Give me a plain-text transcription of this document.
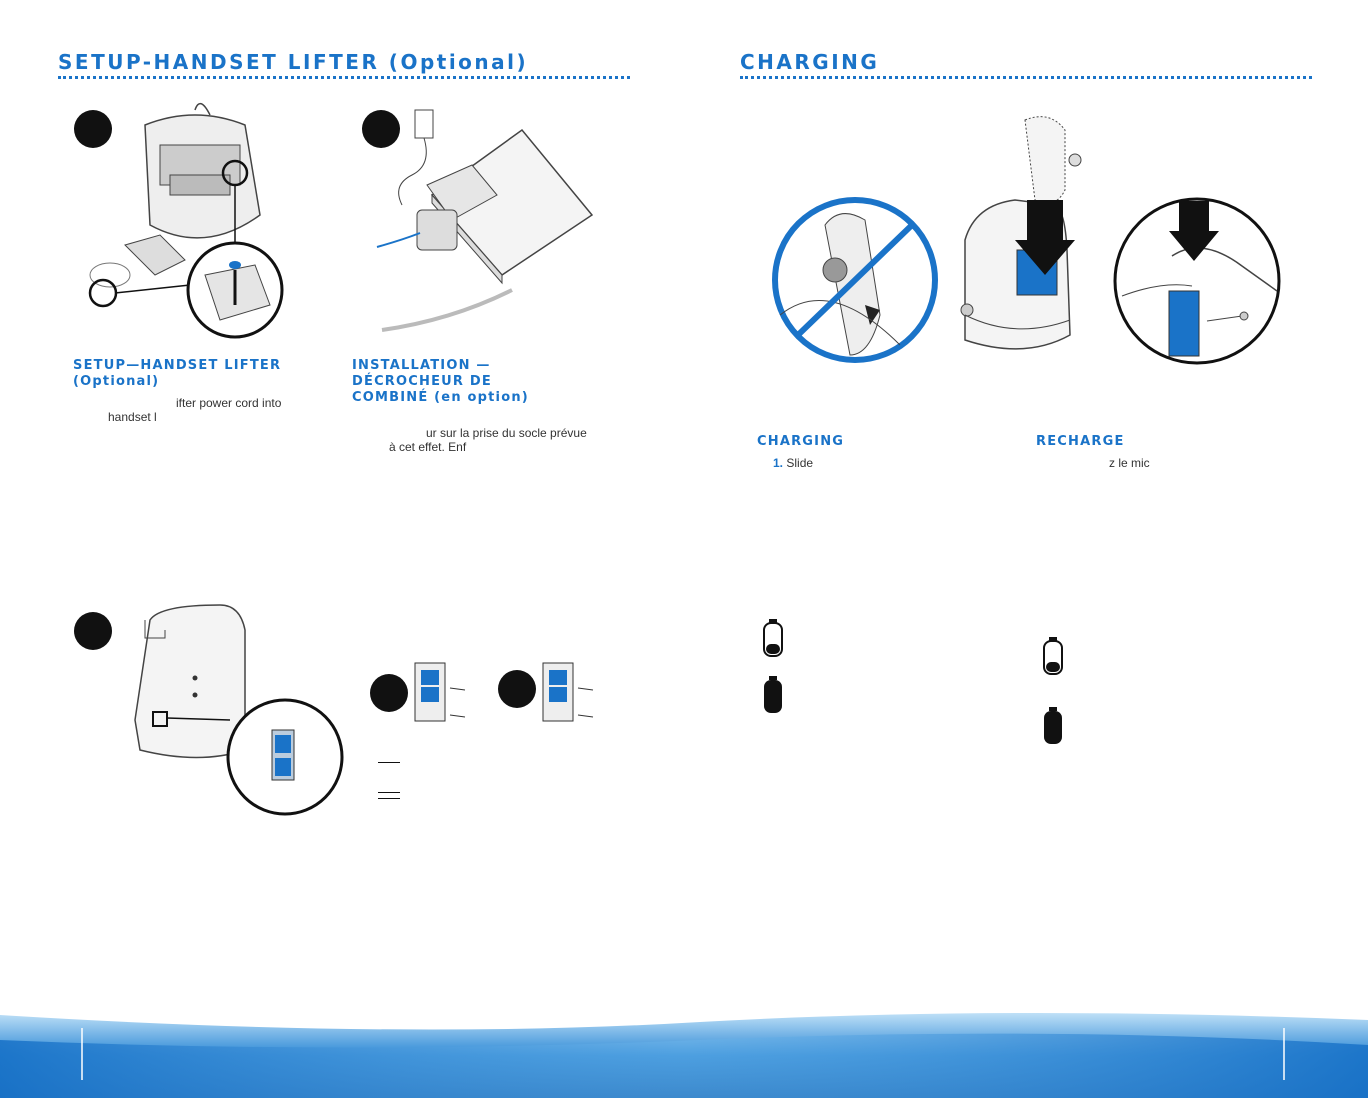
SETUP-HANDSET LIFTER (Optional)	CHARGING
SETUP—HANDSET LIFTER (Optional)
ifter power cord into
handset l
INSTALLATION — DÉCROCHEUR DE COMBINÉ (en option)
ur sur la prise du socle prévue
à cet effet. Enf	CHARGING
1. Slide
RECHARGE
z le mic
